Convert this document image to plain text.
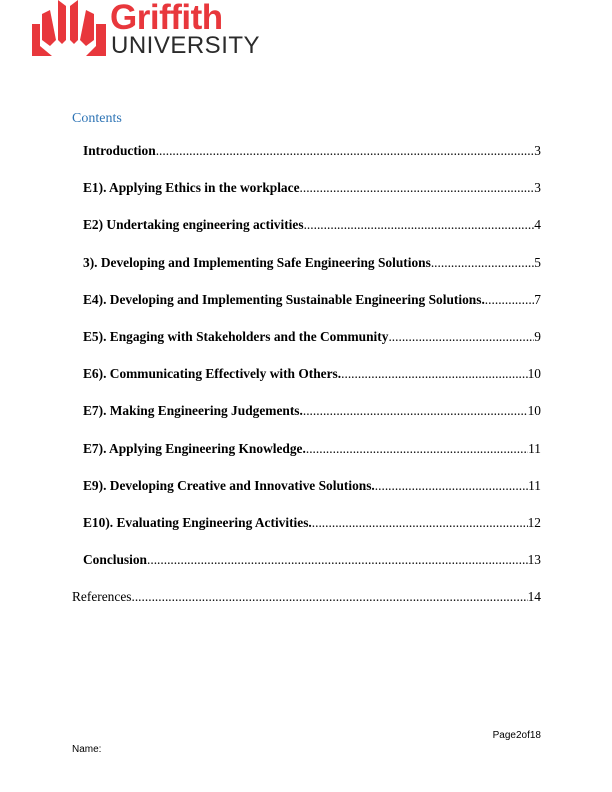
Griffith
UNIVERSITY
Contents
Introduction .....	3
E1). Applying Ethics in the workplace .....	3
E2) Undertaking engineering activities .....	4
3). Developing and Implementing Safe Engineering Solutions .....	5
E4). Developing and Implementing Sustainable Engineering Solutions. .....	7
E5). Engaging with Stakeholders and the Community .....	9
E6). Communicating Effectively with Others. .....	10
E7). Making Engineering Judgements. .....	10
E7). Applying Engineering Knowledge. .....	11
E9). Developing Creative and Innovative Solutions. .....	11
E10). Evaluating Engineering Activities. .....	12
Conclusion .....	13
References .....	14
Page2of18
Name:
